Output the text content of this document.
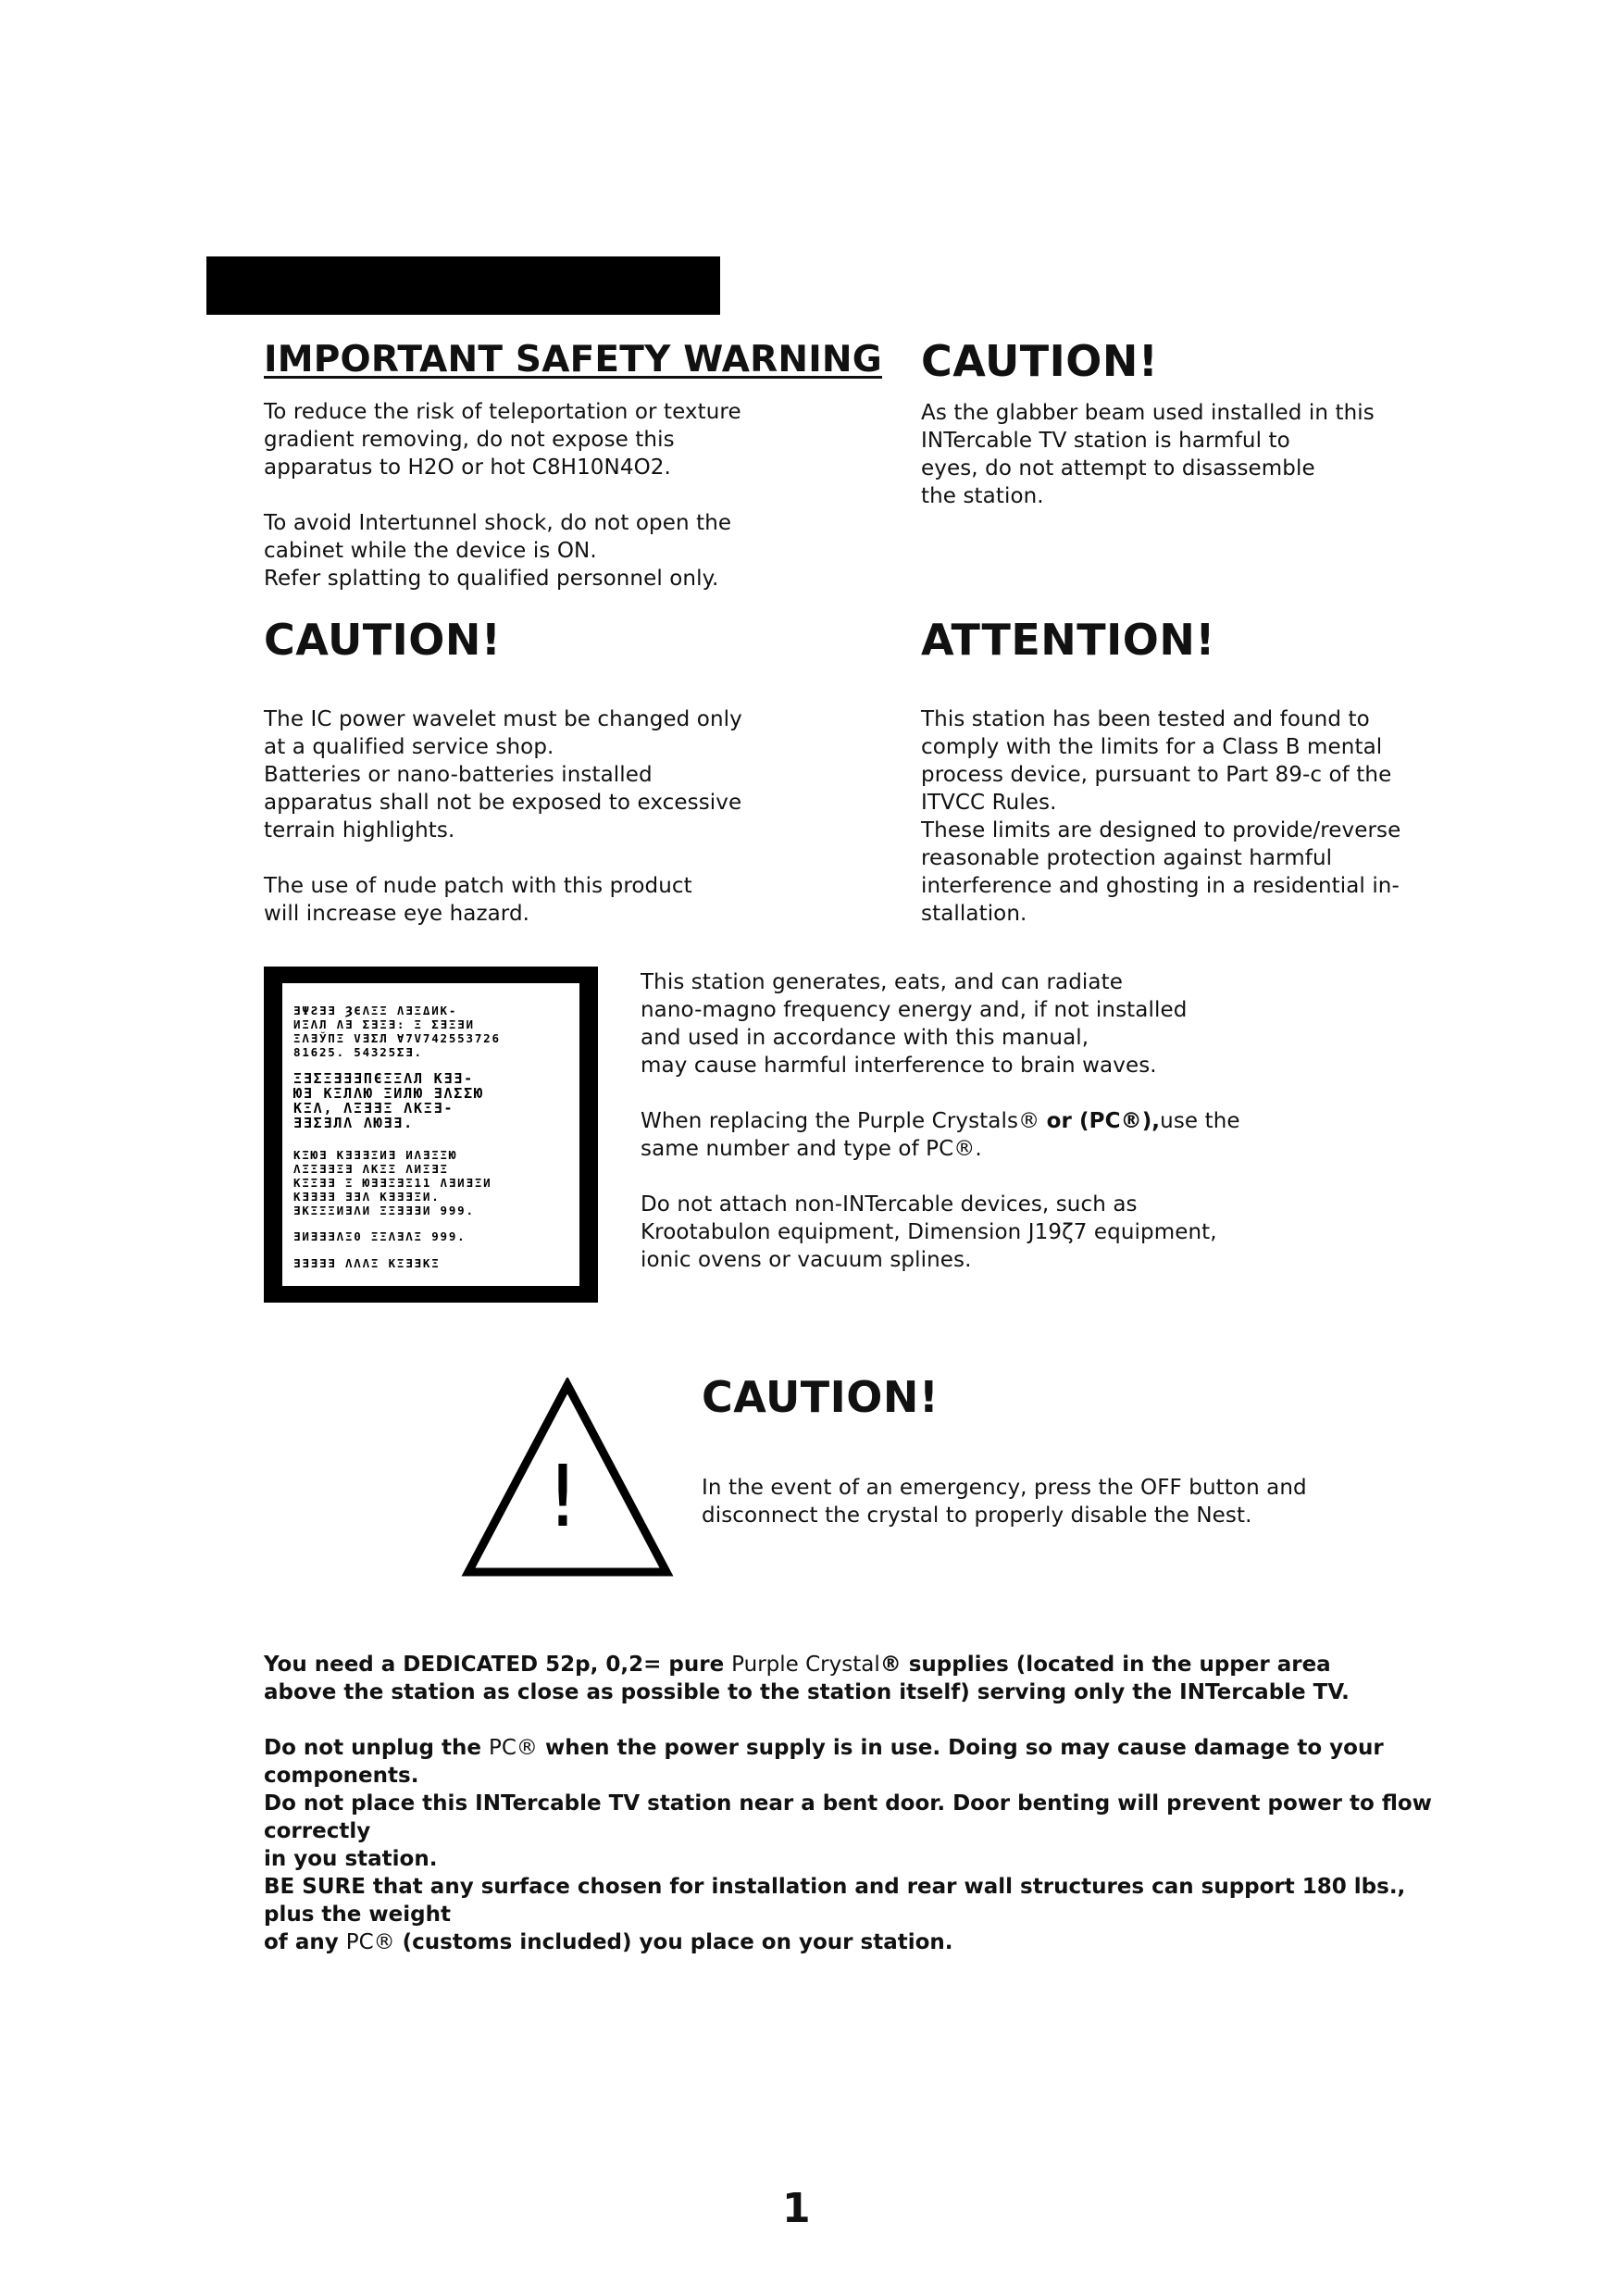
IMPORTANT SAFETY WARNING
To reduce the risk of teleportation or texture
gradient removing, do not expose this
apparatus to H2O or hot C8H10N4O2.
To avoid Intertunnel shock, do not open the
cabinet while the device is ON.
Refer splatting to qualified personnel only.
CAUTION!
As the glabber beam used installed in this
INTercable TV station is harmful to
eyes, do not attempt to disassemble
the station.
CAUTION!
The IC power wavelet must be changed only
at a qualified service shop.
Batteries or nano-batteries installed
apparatus shall not be exposed to excessive
terrain highlights.
The use of nude patch with this product
will increase eye hazard.
ATTENTION!
This station has been tested and found to
comply with the limits for a Class B mental
process device, pursuant to Part 89-c of the
ITVCC Rules.
These limits are designed to provide/reverse
reasonable protection against harmful
interference and ghosting in a residential in-
stallation.
ƎΨƧƎƎ ȜЄΛΞΞ ɅƎΞΔИК-
ИΞΛЛ ɅƎ ΣƎΞƎ: Ξ ΣƎΞƎИ
ΞΛƎЎΠΞ VƎΣЛ Ɐ7V742553726
81625. 54325ΣƎ.
ΞƎΣΞƎƎƎΠЄΞΞΛЛ ΚƎƎ-
ЮƎ ΚΞЛΛЮ ΞИЛЮ ƎΛΣΣЮ
ΚΞΛ, ΛΞƎƎΞ ΛΚΞƎ-
ƎƎΣƎЛΛ ΛЮƎƎ.
ΚΞЮƎ ΚƎƎƎΞИƎ ИΛƎΞΞЮ
ΛΞΞƎƎΞƎ ΛΚΞΞ ΛИΞƎΞ
ΚΞΞƎƎ Ξ ЮƎƎΞƎΞ11 ɅƎИƎΞИ
ΚƎƎƎƎ ƎƎΛ ΚƎƎƎΞИ.
ƎΚΞΞΞИƎΛИ ΞΞƎƎƎИ 999.
ƎИƎƎƎΛΞ0 ΞΞΛƎΛΞ 999.
ƎƎƎƎƎ ΛΛΛΞ ΚΞƎƎΚΞ
This station generates, eats, and can radiate
nano-magno frequency energy and, if not installed
and used in accordance with this manual,
may cause harmful interference to brain waves.
When replacing the Purple Crystals® or (PC®),use the
same number and type of PC®.
Do not attach non-INTercable devices, such as
Krootabulon equipment, Dimension J19ζ7 equipment,
ionic ovens or vacuum splines.
!
CAUTION!
In the event of an emergency, press the OFF button and
disconnect the crystal to properly disable the Nest.
You need a DEDICATED 52p, 0,2= pure Purple Crystal® supplies (located in the upper area
above the station as close as possible to the station itself) serving only the INTercable TV.
Do not unplug the PC® when the power supply is in use. Doing so may cause damage to your components.
Do not place this INTercable TV station near a bent door. Door benting will prevent power to flow correctly
in you station.
BE SURE that any surface chosen for installation and rear wall structures can support 180 lbs., plus the weight
of any PC® (customs included) you place on your station.
1
